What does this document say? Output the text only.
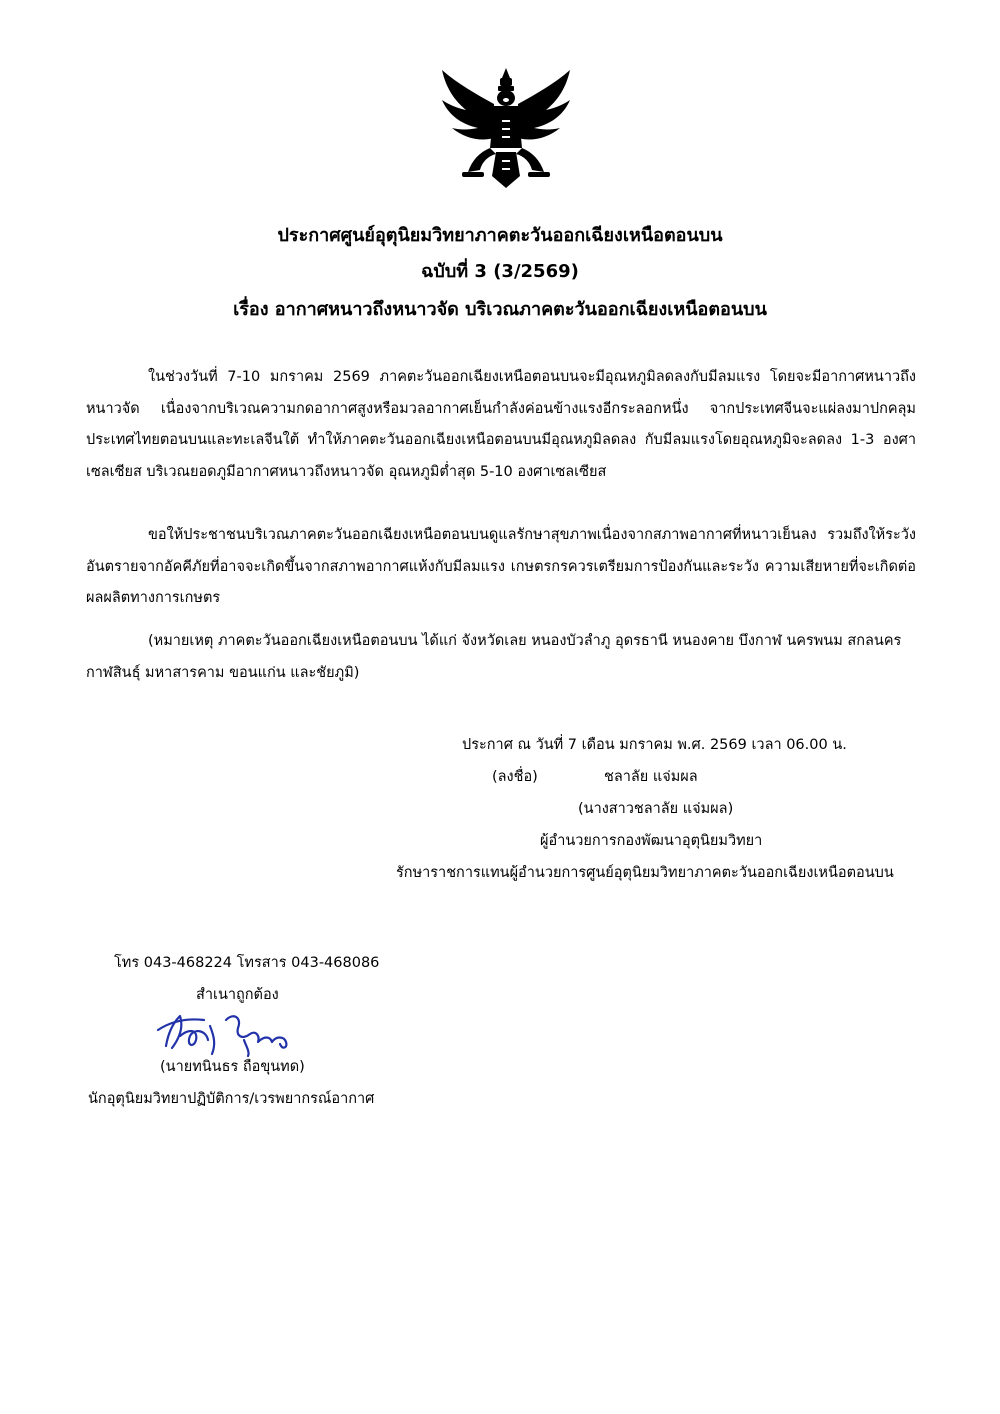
ประกาศศูนย์อุตุนิยมวิทยาภาคตะวันออกเฉียงเหนือตอนบน
ฉบับที่ 3 (3/2569)
เรื่อง อากาศหนาวถึงหนาวจัด บริเวณภาคตะวันออกเฉียงเหนือตอนบน

ในช่วงวันที่ 7-10 มกราคม 2569 ภาคตะวันออกเฉียงเหนือตอนบนจะมีอุณหภูมิลดลงกับมีลมแรง โดยจะมีอากาศหนาวถึงหนาวจัด เนื่องจากบริเวณความกดอากาศสูงหรือมวลอากาศเย็นกำลังค่อนข้างแรงอีกระลอกหนึ่ง จากประเทศจีนจะแผ่ลงมาปกคลุมประเทศไทยตอนบนและทะเลจีนใต้ ทำให้ภาคตะวันออกเฉียงเหนือตอนบนมีอุณหภูมิลดลง กับมีลมแรงโดยอุณหภูมิจะลดลง 1-3 องศาเซลเซียส บริเวณยอดภูมีอากาศหนาวถึงหนาวจัด อุณหภูมิต่ำสุด 5-10 องศาเซลเซียส

ขอให้ประชาชนบริเวณภาคตะวันออกเฉียงเหนือตอนบนดูแลรักษาสุขภาพเนื่องจากสภาพอากาศที่หนาวเย็นลง รวมถึงให้ระวังอันตรายจากอัคคีภัยที่อาจจะเกิดขึ้นจากสภาพอากาศแห้งกับมีลมแรง เกษตรกรควรเตรียมการป้องกันและระวัง ความเสียหายที่จะเกิดต่อผลผลิตทางการเกษตร

(หมายเหตุ ภาคตะวันออกเฉียงเหนือตอนบน ได้แก่ จังหวัดเลย หนองบัวลำภู อุดรธานี หนองคาย บึงกาฬ นครพนม สกลนคร กาฬสินธุ์ มหาสารคาม ขอนแก่น และชัยภูมิ)

ประกาศ ณ วันที่ 7 เดือน มกราคม พ.ศ. 2569 เวลา 06.00 น.
(ลงชื่อ)	ชลาลัย แจ่มผล
(นางสาวชลาลัย แจ่มผล)
ผู้อำนวยการกองพัฒนาอุตุนิยมวิทยา
รักษาราชการแทนผู้อำนวยการศูนย์อุตุนิยมวิทยาภาคตะวันออกเฉียงเหนือตอนบน
โทร 043-468224 โทรสาร 043-468086
สำเนาถูกต้อง
(นายทนินธร ถือขุนทด)
นักอุตุนิยมวิทยาปฏิบัติการ/เวรพยากรณ์อากาศ
